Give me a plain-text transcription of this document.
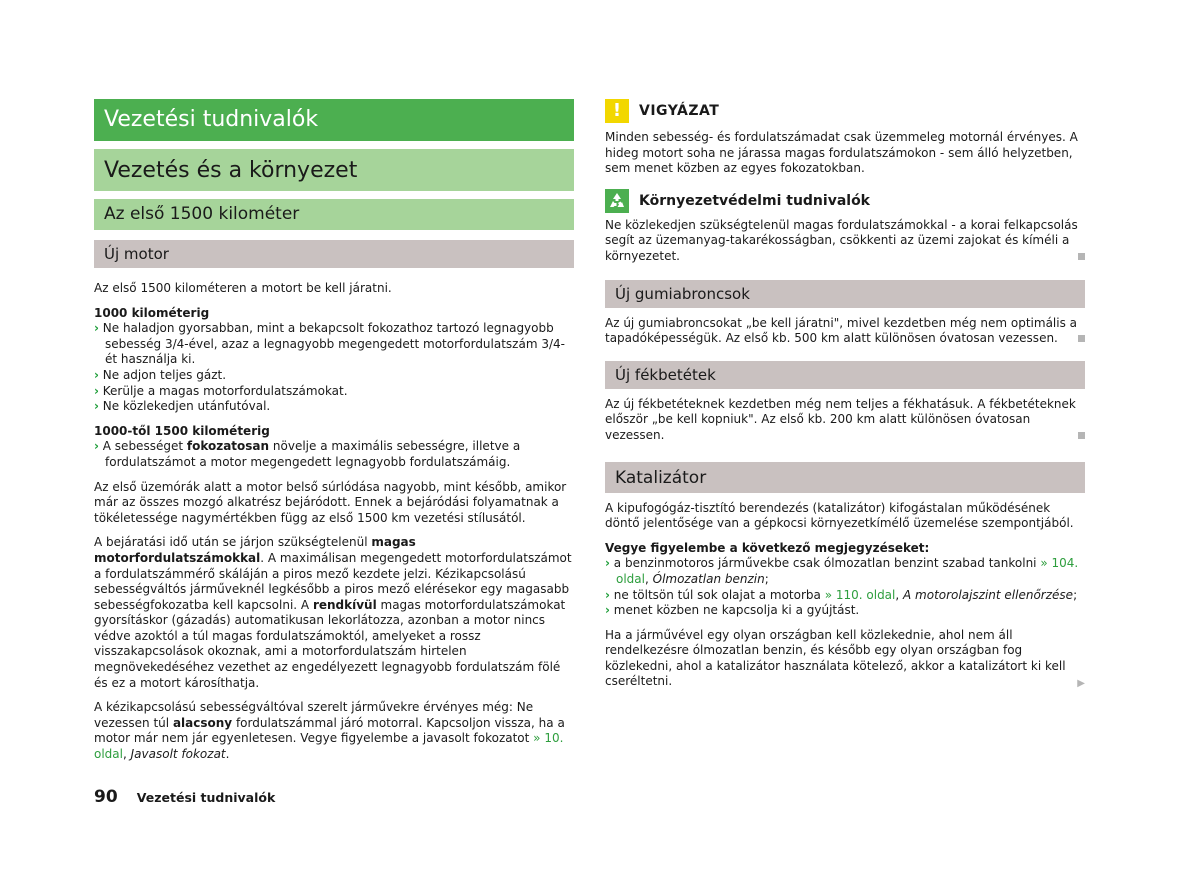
Vezetési tudnivalók
Vezetés és a környezet
Az első 1500 kilométer
Új motor

Az első 1500 kilométeren a motort be kell járatni.

1000 kilométerig

› Ne haladjon gyorsabban, mint a bekapcsolt fokozathoz tartozó legnagyobb sebesség 3/4-ével, azaz a legnagyobb megengedett motorfordulatszám 3/4-ét használja ki.

› Ne adjon teljes gázt.

› Kerülje a magas motorfordulatszámokat.

› Ne közlekedjen utánfutóval.

1000-től 1500 kilométerig

› A sebességet fokozatosan növelje a maximális sebességre, illetve a fordulatszámot a motor megengedett legnagyobb fordulatszámáig.

Az első üzemórák alatt a motor belső súrlódása nagyobb, mint később, amikor már az összes mozgó alkatrész bejáródott. Ennek a bejáródási folyamatnak a tökéletessége nagymértékben függ az első 1500 km vezetési stílusától.

A bejáratási idő után se járjon szükségtelenül magas motorfordulatszámokkal. A maximálisan megengedett motorfordulatszámot a fordulatszámmérő skáláján a piros mező kezdete jelzi. Kézikapcsolású sebességváltós járműveknél legkésőbb a piros mező elérésekor egy magasabb sebességfokozatba kell kapcsolni. A rendkívül magas motorfordulatszámokat gyorsításkor (gázadás) automatikusan lekorlátozza, azonban a motor nincs védve azoktól a túl magas fordulatszámoktól, amelyeket a rossz visszakapcsolások okoznak, ami a motorfordulatszám hirtelen megnövekedéséhez vezethet az engedélyezett legnagyobb fordulatszám fölé és ez a motort károsíthatja.

A kézikapcsolású sebességváltóval szerelt járművekre érvényes még: Ne vezessen túl alacsony fordulatszámmal járó motorral. Kapcsoljon vissza, ha a motor már nem jár egyenletesen. Vegye figyelembe a javasolt fokozatot » 10. oldal, Javasolt fokozat.

!	VIGYÁZAT

Minden sebesség- és fordulatszámadat csak üzemmeleg motornál érvényes. A hideg motort soha ne járassa magas fordulatszámokon - sem álló helyzetben, sem menet közben az egyes fokozatokban.

Környezetvédelmi tudnivalók

Ne közlekedjen szükségtelenül magas fordulatszámokkal - a korai felkapcsolás segít az üzemanyag-takarékosságban, csökkenti az üzemi zajokat és kíméli a környezetet.

Új gumiabroncsok

Az új gumiabroncsokat „be kell járatni", mivel kezdetben még nem optimális a tapadóképességük. Az első kb. 500 km alatt különösen óvatosan vezessen.

Új fékbetétek

Az új fékbetéteknek kezdetben még nem teljes a fékhatásuk. A fékbetéteknek először „be kell kopniuk". Az első kb. 200 km alatt különösen óvatosan vezessen.

Katalizátor

A kipufogógáz-tisztító berendezés (katalizátor) kifogástalan működésének döntő jelentősége van a gépkocsi környezetkímélő üzemelése szempontjából.

Vegye figyelembe a következő megjegyzéseket:

› a benzinmotoros járművekbe csak ólmozatlan benzint szabad tankolni » 104. oldal, Ólmozatlan benzin;

› ne töltsön túl sok olajat a motorba » 110. oldal, A motorolajszint ellenőrzése;

› menet közben ne kapcsolja ki a gyújtást.

Ha a járművével egy olyan országban kell közlekednie, ahol nem áll rendelkezésre ólmozatlan benzin, és később egy olyan országban fog közlekedni, ahol a katalizátor használata kötelező, akkor a katalizátort ki kell cseréltetni.	▶

90 Vezetési tudnivalók
